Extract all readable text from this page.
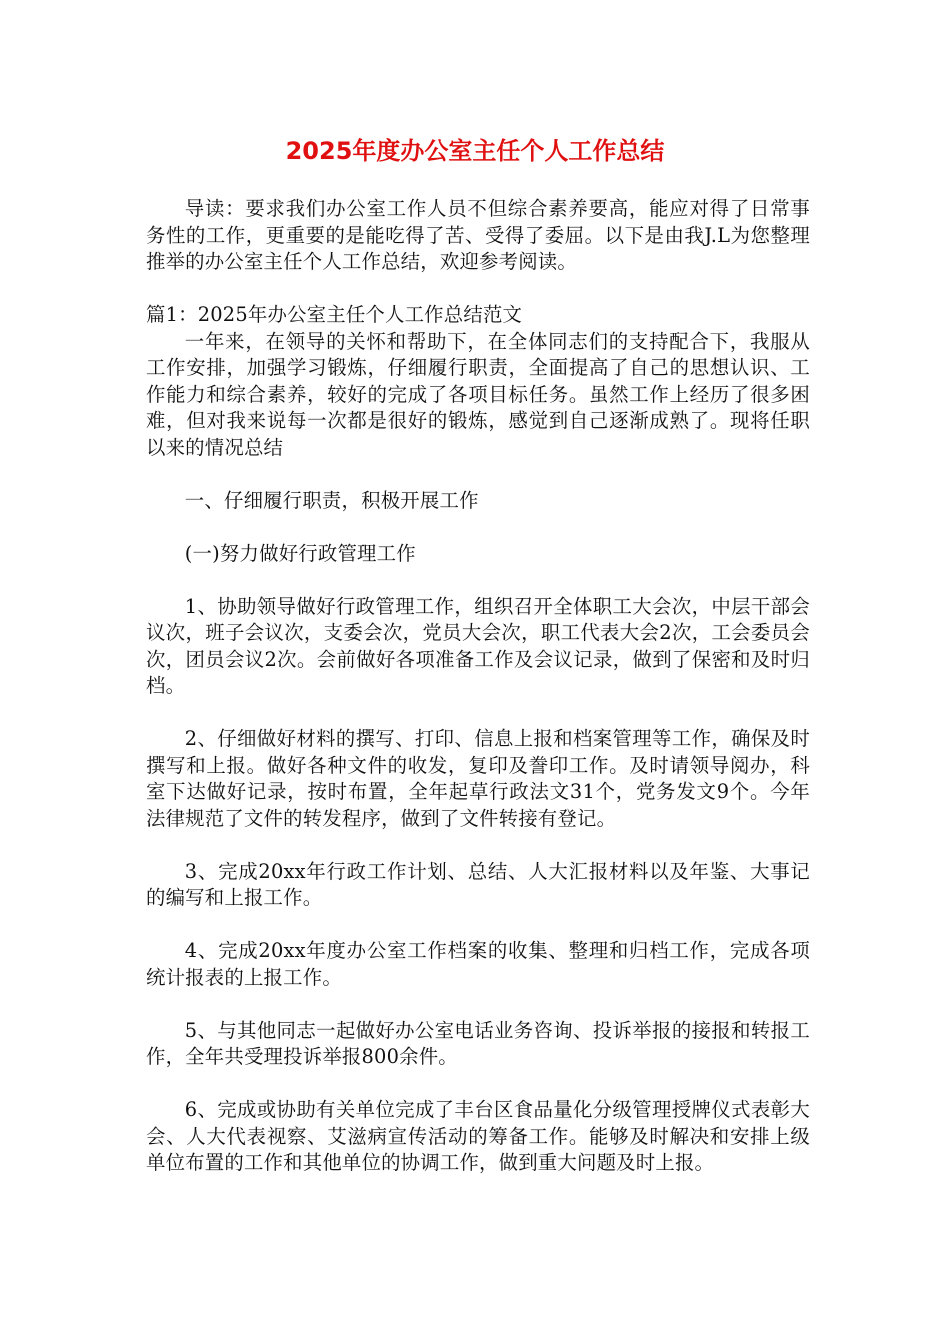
2025年度办公室主任个人工作总结

导读：要求我们办公室工作人员不但综合素养要高，能应对得了日常事务性的工作，更重要的是能吃得了苦、受得了委屈。以下是由我J.L为您整理推举的办公室主任个人工作总结，欢迎参考阅读。

篇1：2025年办公室主任个人工作总结范文

一年来，在领导的关怀和帮助下，在全体同志们的支持配合下，我服从工作安排，加强学习锻炼，仔细履行职责，全面提高了自己的思想认识、工作能力和综合素养，较好的完成了各项目标任务。虽然工作上经历了很多困难，但对我来说每一次都是很好的锻炼，感觉到自己逐渐成熟了。现将任职以来的情况总结

一、仔细履行职责，积极开展工作

(一)努力做好行政管理工作

1、协助领导做好行政管理工作，组织召开全体职工大会次，中层干部会议次，班子会议次，支委会次，党员大会次，职工代表大会2次，工会委员会次，团员会议2次。会前做好各项准备工作及会议记录，做到了保密和及时归档。

2、仔细做好材料的撰写、打印、信息上报和档案管理等工作，确保及时撰写和上报。做好各种文件的收发，复印及誊印工作。及时请领导阅办，科室下达做好记录，按时布置，全年起草行政法文31个，党务发文9个。今年法律规范了文件的转发程序，做到了文件转接有登记。

3、完成20xx年行政工作计划、总结、人大汇报材料以及年鉴、大事记的编写和上报工作。

4、完成20xx年度办公室工作档案的收集、整理和归档工作，完成各项统计报表的上报工作。

5、与其他同志一起做好办公室电话业务咨询、投诉举报的接报和转报工作，全年共受理投诉举报800余件。

6、完成或协助有关单位完成了丰台区食品量化分级管理授牌仪式表彰大会、人大代表视察、艾滋病宣传活动的筹备工作。能够及时解决和安排上级单位布置的工作和其他单位的协调工作，做到重大问题及时上报。
